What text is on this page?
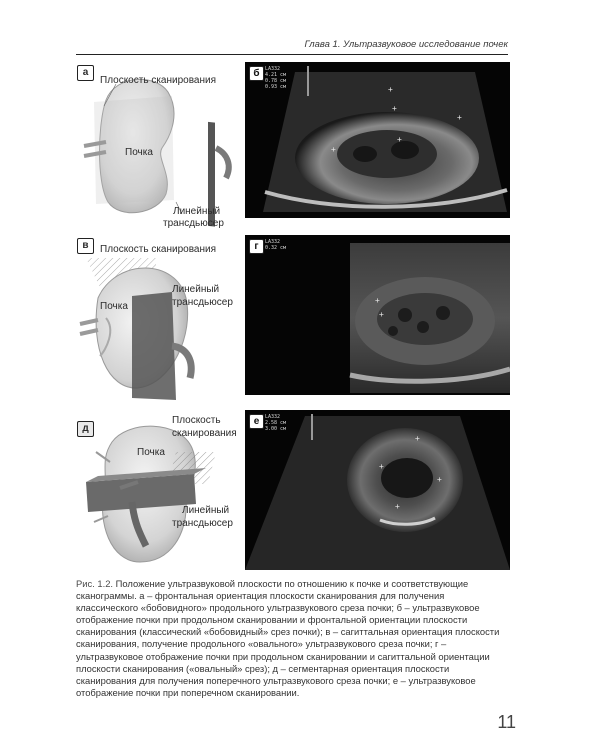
Глава 1. Ультразвуковое исследование почек
а
Плоскость сканирования
Почка
Линейный
трансдьюсер
+
+
+
+
+
б	LA332
4.21 см
0.78 см
0.93 см
в	Плоскость сканирования
Линейный
трансдьюсер
Почка
+
+
г	LA332
0.32 см
д
Плоскость
сканирования
Почка
Линейный
трансдьюсер
+
+
+
+
е	LA332
2.58 см
3.00 см
Рис. 1.2. Положение ультразвуковой плоскости по отношению к почке и соответствующие сканограммы. а – фронтальная ориентация плоскости сканирования для получения классического «бобовидного» продольного ультразвукового среза почки; б – ультразвуковое отображение почки при продольном сканировании и фронтальной ориентации плоскости сканирования (классический «бобовидный» срез почки); в – сагиттальная ориентация плоскости сканирования, получение продольного «овального» ультразвукового среза почки; г – ультразвуковое отображение почки при продольном сканировании и сагиттальной ориентации плоскости сканирования («овальный» срез); д – сегментарная ориентация плоскости сканирования для получения поперечного ультразвукового среза почки; е – ультразвуковое отображение почки при поперечном сканировании.
11
